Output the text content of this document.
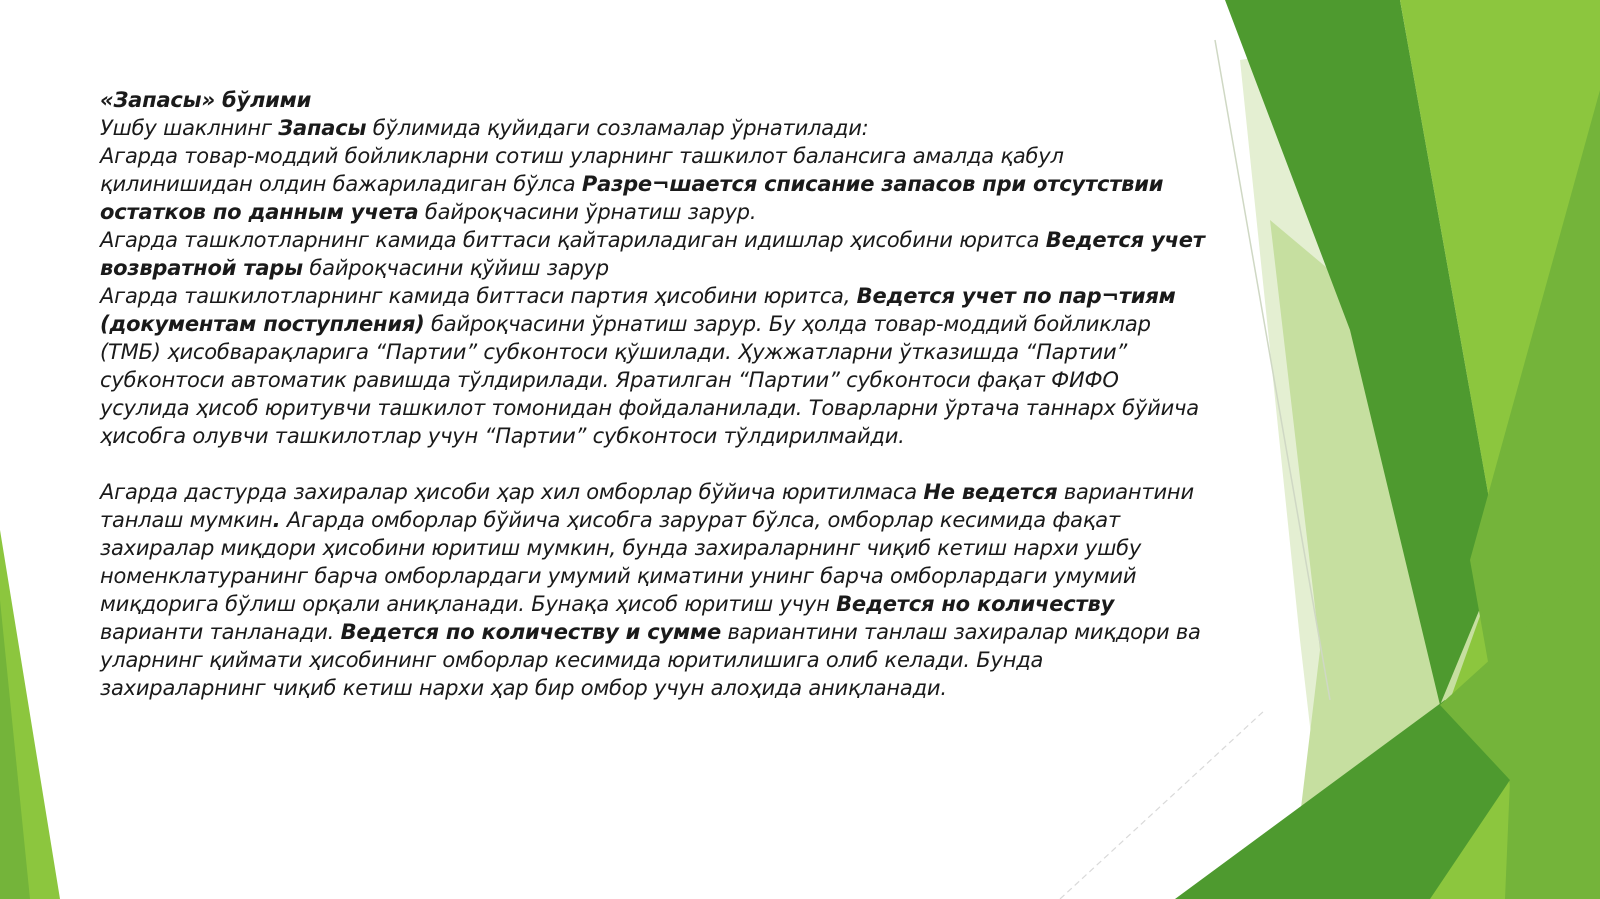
«Запасы» бўлими

Ушбу шаклнинг Запасы бўлимида қуйидаги созламалар ўрнатилади:

Агарда товар-моддий бойликларни сотиш уларнинг ташкилот балансига амалда қабул қилинишидан олдин бажариладиган бўлса Разре¬шается списание запасов при отсутствии остатков по данным учета байроқчасини ўрнатиш зарур.

Агарда ташклотларнинг камида биттаси қайтариладиган идишлар ҳисобини юритса Ведется учет возвратной тары байроқчасини қўйиш зарур

Агарда ташкилотларнинг камида биттаси партия ҳисобини юритса, Ведется учет по пар¬тиям (документам поступления) байроқчасини ўрнатиш зарур. Бу ҳолда товар-моддий бойликлар (ТМБ) ҳисобварақларига “Партии” субконтоси қўшилади. Ҳужжатларни ўтказишда “Партии” субконтоси автоматик равишда тўлдирилади. Яратилган “Партии” субконтоси фақат ФИФО усулида ҳисоб юритувчи ташкилот томонидан фойдаланилади. Товарларни ўртача таннарх бўйича ҳисобга олувчи ташкилотлар учун “Партии” субконтоси тўлдирилмайди.

Агарда дастурда захиралар ҳисоби ҳар хил омборлар бўйича юритилмаса Не ведется вариантини танлаш мумкин. Агарда омборлар бўйича ҳисобга зарурат бўлса, омборлар кесимида фақат захиралар миқдори ҳисобини юритиш мумкин, бунда захираларнинг чиқиб кетиш нархи ушбу номенклатуранинг барча омборлардаги умумий қиматини унинг барча омборлардаги умумий миқдорига бўлиш орқали аниқланади. Бунақа ҳисоб юритиш учун Ведется но количеству варианти танланади. Ведется по количеству и сумме вариантини танлаш захиралар миқдори ва уларнинг қиймати ҳисобининг омборлар кесимида юритилишига олиб келади. Бунда захираларнинг чиқиб кетиш нархи ҳар бир омбор учун алоҳида аниқланади.
